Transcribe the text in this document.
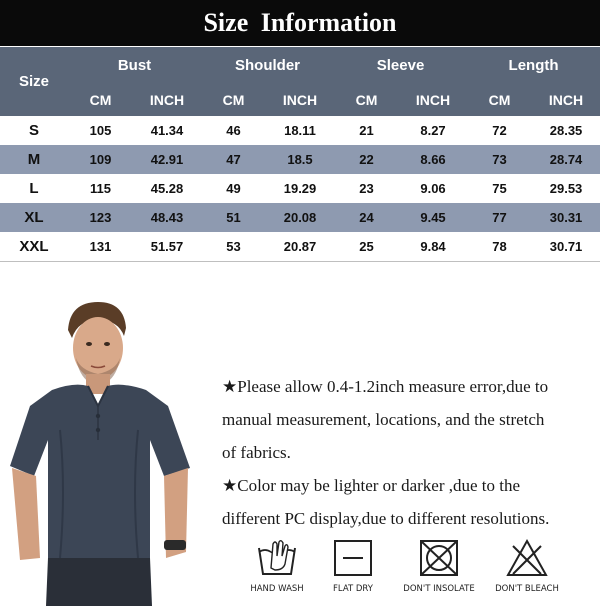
Size Information
Size	Bust		Shoulder		Sleeve		Length	
	CM	INCH	CM	INCH	CM	INCH	CM	INCH
S	105	41.34	46	18.11	21	8.27	72	28.35
M	109	42.91	47	18.5	22	8.66	73	28.74
L	115	45.28	49	19.29	23	9.06	75	29.53
XL	123	48.43	51	20.08	24	9.45	77	30.31
XXL	131	51.57	53	20.87	25	9.84	78	30.71

★Please allow 0.4-1.2inch measure error,due to

manual measurement, locations, and the stretch

of fabrics.

★Color may be lighter or darker ,due to the

different PC display,due to different resolutions.

HAND WASH	FLAT DRY	DON'T INSOLATE	DON'T BLEACH
